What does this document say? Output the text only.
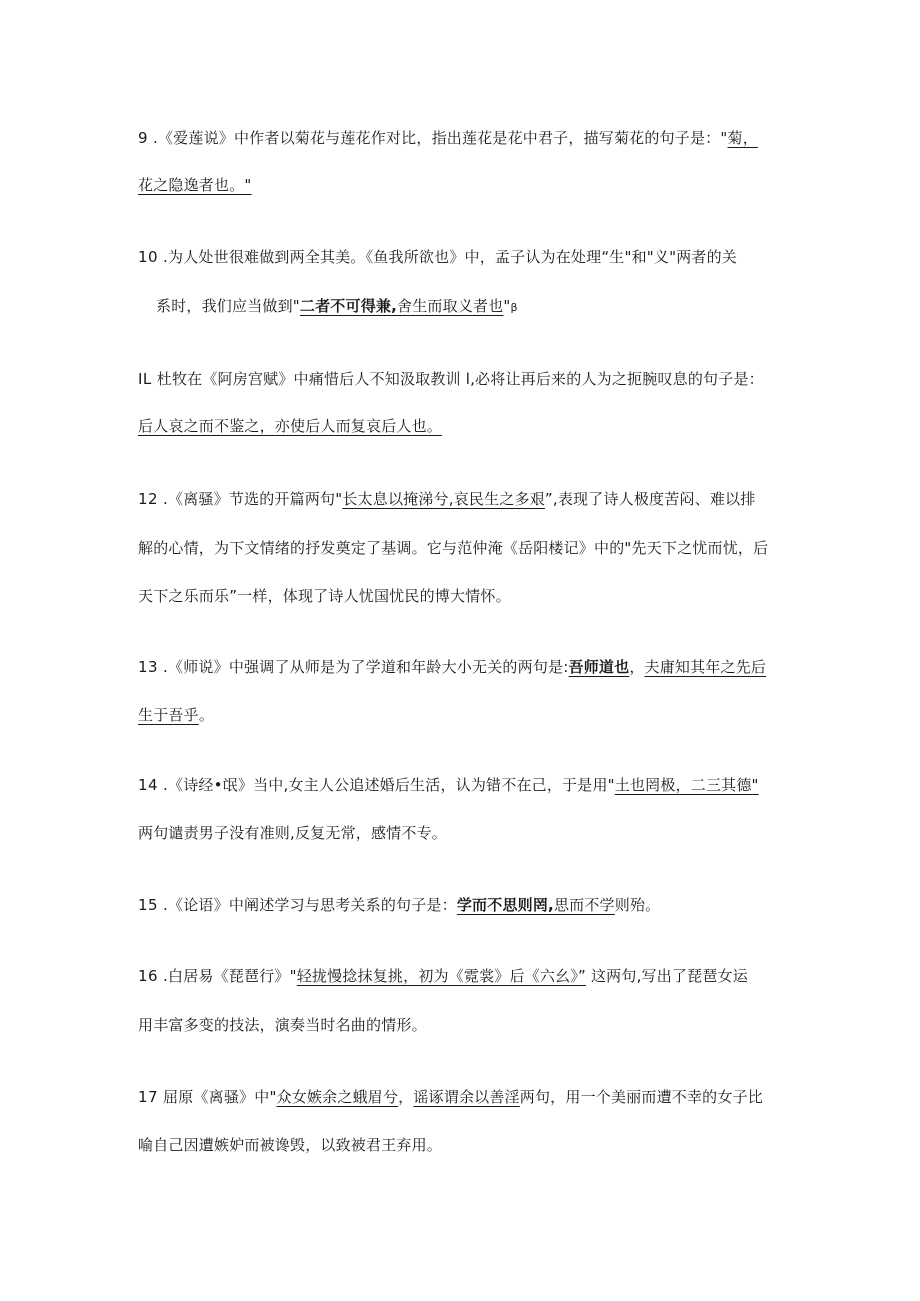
9 .《爱莲说》中作者以菊花与莲花作对比，指出莲花是花中君子，描写菊花的句子是："菊，
花之隐逸者也。"
10 .为人处世很难做到两全其美。《鱼我所欲也》中，孟子认为在处理“生"和"义"两者的关
系时，我们应当做到"二者不可得兼,舍生而取义者也"β
IL 杜牧在《阿房宫赋》中痛惜后人不知汲取教训 l,必将让再后来的人为之扼腕叹息的句子是：
后人哀之而不鉴之，亦使后人而复哀后人也。
12 .《离骚》节选的开篇两句"长太息以掩涕兮,哀民生之多艰”,表现了诗人极度苦闷、难以排
解的心情，为下文情绪的抒发奠定了基调。它与范仲淹《岳阳楼记》中的"先天下之忧而忧，后
天下之乐而乐”一样，体现了诗人忧国忧民的博大情怀。
13 .《师说》中强调了从师是为了学道和年龄大小无关的两句是:吾师道也，夫庸知其年之先后
生于吾乎。
14 .《诗经•氓》当中,女主人公追述婚后生活，认为错不在己，于是用"土也罔极，二三其德"
两句谴责男子没有准则,反复无常，感情不专。
15 .《论语》中阐述学习与思考关系的句子是：学而不思则罔,思而不学则殆。
16 .白居易《琵琶行》"轻拢慢捻抹复挑，初为《霓裳》后《六幺》” 这两句,写出了琵琶女运
用丰富多变的技法，演奏当时名曲的情形。
17 屈原《离骚》中"众女嫉余之蛾眉兮，谣诼谓余以善淫两句，用一个美丽而遭不幸的女子比
喻自己因遭嫉妒而被谗毁，以致被君王弃用。
